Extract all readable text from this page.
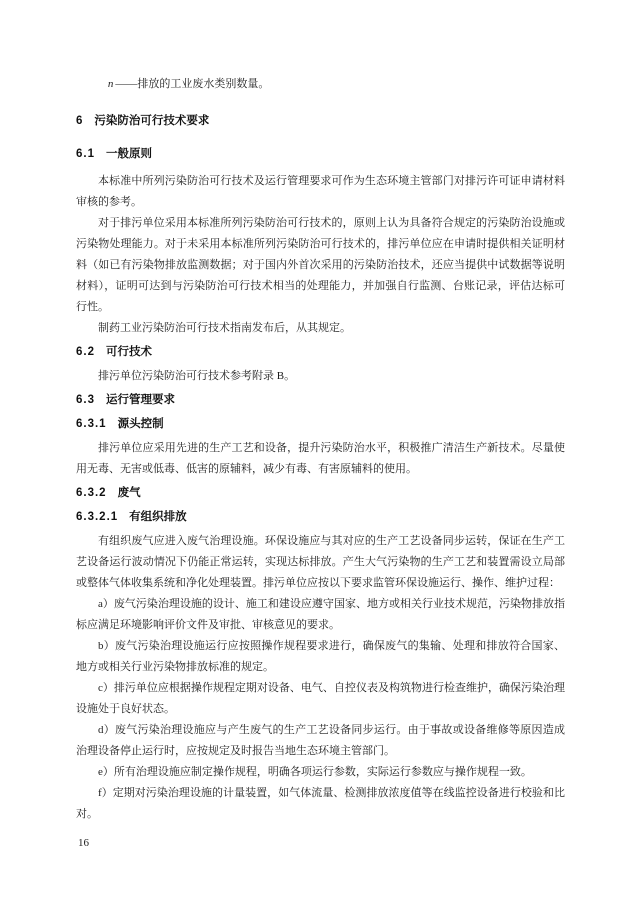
n ——排放的工业废水类别数量。
6 污染防治可行技术要求
6.1 一般原则

本标准中所列污染防治可行技术及运行管理要求可作为生态环境主管部门对排污许可证申请材料审核的参考。

对于排污单位采用本标准所列污染防治可行技术的，原则上认为具备符合规定的污染防治设施或污染物处理能力。对于未采用本标准所列污染防治可行技术的，排污单位应在申请时提供相关证明材料（如已有污染物排放监测数据；对于国内外首次采用的污染防治技术，还应当提供中试数据等说明材料），证明可达到与污染防治可行技术相当的处理能力，并加强自行监测、台账记录，评估达标可行性。

制药工业污染防治可行技术指南发布后，从其规定。

6.2 可行技术

排污单位污染防治可行技术参考附录 B。

6.3 运行管理要求
6.3.1 源头控制

排污单位应采用先进的生产工艺和设备，提升污染防治水平，积极推广清洁生产新技术。尽量使用无毒、无害或低毒、低害的原辅料，减少有毒、有害原辅料的使用。

6.3.2 废气
6.3.2.1 有组织排放

有组织废气应进入废气治理设施。环保设施应与其对应的生产工艺设备同步运转，保证在生产工艺设备运行波动情况下仍能正常运转，实现达标排放。产生大气污染物的生产工艺和装置需设立局部或整体气体收集系统和净化处理装置。排污单位应按以下要求监管环保设施运行、操作、维护过程：

a）废气污染治理设施的设计、施工和建设应遵守国家、地方或相关行业技术规范，污染物排放指标应满足环境影响评价文件及审批、审核意见的要求。

b）废气污染治理设施运行应按照操作规程要求进行，确保废气的集输、处理和排放符合国家、地方或相关行业污染物排放标准的规定。

c）排污单位应根据操作规程定期对设备、电气、自控仪表及构筑物进行检查维护，确保污染治理设施处于良好状态。

d）废气污染治理设施应与产生废气的生产工艺设备同步运行。由于事故或设备维修等原因造成治理设备停止运行时，应按规定及时报告当地生态环境主管部门。

e）所有治理设施应制定操作规程，明确各项运行参数，实际运行参数应与操作规程一致。

f）定期对污染治理设施的计量装置，如气体流量、检测排放浓度值等在线监控设备进行校验和比对。

16
